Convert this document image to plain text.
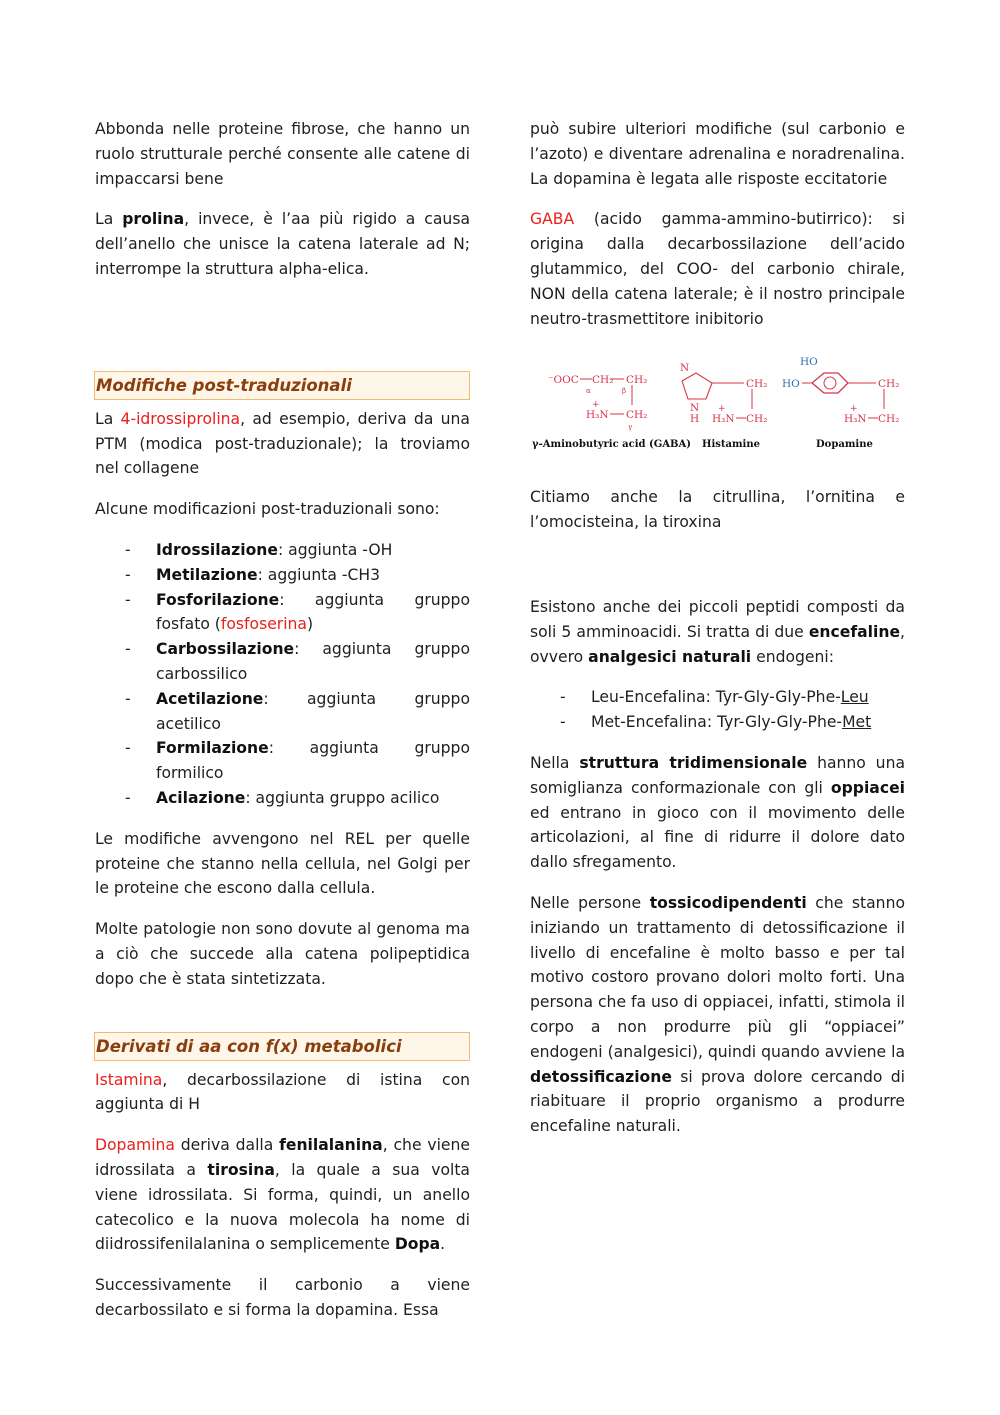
Abbonda nelle proteine fibrose, che hanno un ruolo strutturale perché consente alle catene di impaccarsi bene

La prolina, invece, è l’aa più rigido a causa dell’anello che unisce la catena laterale ad N; interrompe la struttura alpha-elica.

Modifiche post-traduzionali

La 4-idrossiprolina, ad esempio, deriva da una PTM (modica post-traduzionale); la troviamo nel collagene

Alcune modificazioni post-traduzionali sono:

- Idrossilazione: aggiunta -OH
- Metilazione: aggiunta -CH3
- Fosforilazione: aggiunta gruppo fosfato (fosfoserina)
- Carbossilazione: aggiunta gruppo carbossilico
- Acetilazione: aggiunta gruppo acetilico
- Formilazione: aggiunta gruppo formilico
- Acilazione: aggiunta gruppo acilico

Le modifiche avvengono nel REL per quelle proteine che stanno nella cellula, nel Golgi per le proteine che escono dalla cellula.

Molte patologie non sono dovute al genoma ma a ciò che succede alla catena polipeptidica dopo che è stata sintetizzata.

Derivati di aa con f(x) metabolici

Istamina, decarbossilazione di istina con aggiunta di H

Dopamina deriva dalla fenilalanina, che viene idrossilata a tirosina, la quale a sua volta viene idrossilata. Si forma, quindi, un anello catecolico e la nuova molecola ha nome di diidrossifenilalanina o semplicemente Dopa.

Successivamente il carbonio a viene decarbossilato e si forma la dopamina. Essa

può subire ulteriori modifiche (sul carbonio e l’azoto) e diventare adrenalina e noradrenalina. La dopamina è legata alle risposte eccitatorie

GABA (acido gamma-ammino-butirrico): si origina dalla decarbossilazione dell’acido glutammico, del COO- del carbonio chirale, NON della catena laterale; è il nostro principale neutro-trasmettitore inibitorio

⁻OOC CH₂ CH₂
α	β
+
H₃N CH₂
γ
N
N
H
CH₂
+
H₃N CH₂
HO
HO	CH₂
+
H₃N CH₂
γ-Aminobutyric acid (GABA) Histamine	Dopamine

Citiamo anche la citrullina, l’ornitina e l’omocisteina, la tiroxina

Esistono anche dei piccoli peptidi composti da soli 5 amminoacidi. Si tratta di due encefaline, ovvero analgesici naturali endogeni:

- Leu-Encefalina: Tyr-Gly-Gly-Phe-Leu
- Met-Encefalina: Tyr-Gly-Gly-Phe-Met

Nella struttura tridimensionale hanno una somiglianza conformazionale con gli oppiacei ed entrano in gioco con il movimento delle articolazioni, al fine di ridurre il dolore dato dallo sfregamento.

Nelle persone tossicodipendenti che stanno iniziando un trattamento di detossificazione il livello di encefaline è molto basso e per tal motivo costoro provano dolori molto forti. Una persona che fa uso di oppiacei, infatti, stimola il corpo a non produrre più gli “oppiacei” endogeni (analgesici), quindi quando avviene la detossificazione si prova dolore cercando di riabituare il proprio organismo a produrre encefaline naturali.
